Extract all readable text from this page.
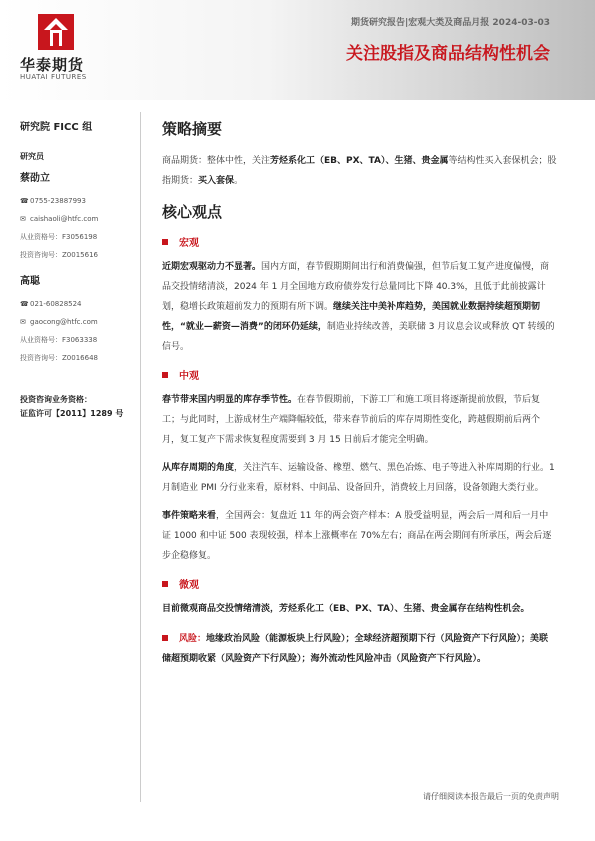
华泰期货
HUATAI FUTURES
期货研究报告|宏观大类及商品月报 2024-03-03
关注股指及商品结构性机会
研究院 FICC 组
研究员
蔡劭立
☎ 0755-23887993
✉ caishaoli@htfc.com
从业资格号： F3056198
投资咨询号： Z0015616
高聪
☎ 021-60828524
✉ gaocong@htfc.com
从业资格号： F3063338
投资咨询号： Z0016648
投资咨询业务资格：
证监许可【2011】1289 号
策略摘要

商品期货：整体中性，关注芳烃系化工（EB、PX、TA）、生猪、贵金属等结构性买入套保机会；股指期货：买入套保。

核心观点
宏观

近期宏观驱动力不显著。国内方面，春节假期期间出行和消费偏强，但节后复工复产进度偏慢，商品交投情绪清淡，2024 年 1 月全国地方政府债券发行总量同比下降 40.3%，且低于此前披露计划，稳增长政策超前发力的预期有所下调。继续关注中美补库趋势，美国就业数据持续超预期韧性，“就业—薪资—消费”的闭环仍延续，制造业持续改善，美联储 3 月议息会议或释放 QT 转缓的信号。

中观

春节带来国内明显的库存季节性。在春节假期前，下游工厂和施工项目将逐渐提前放假，节后复工；与此同时，上游成材生产端降幅较低，带来春节前后的库存周期性变化，跨越假期前后两个月，复工复产下需求恢复程度需要到 3 月 15 日前后才能完全明确。

从库存周期的角度，关注汽车、运输设备、橡塑、燃气、黑色冶炼、电子等进入补库周期的行业。1 月制造业 PMI 分行业来看，原材料、中间品、设备回升，消费较上月回落，设备领跑大类行业。

事件策略来看，全国两会：复盘近 11 年的两会资产样本：A 股受益明显，两会后一周和后一月中证 1000 和中证 500 表现较强，样本上涨概率在 70%左右；商品在两会期间有所承压，两会后逐步企稳修复。

微观

目前微观商品交投情绪清淡，芳烃系化工（EB、PX、TA）、生猪、贵金属存在结构性机会。

风险：地缘政治风险（能源板块上行风险）；全球经济超预期下行（风险资产下行风险）；美联储超预期收紧（风险资产下行风险）；海外流动性风险冲击（风险资产下行风险）。

请仔细阅读本报告最后一页的免责声明
